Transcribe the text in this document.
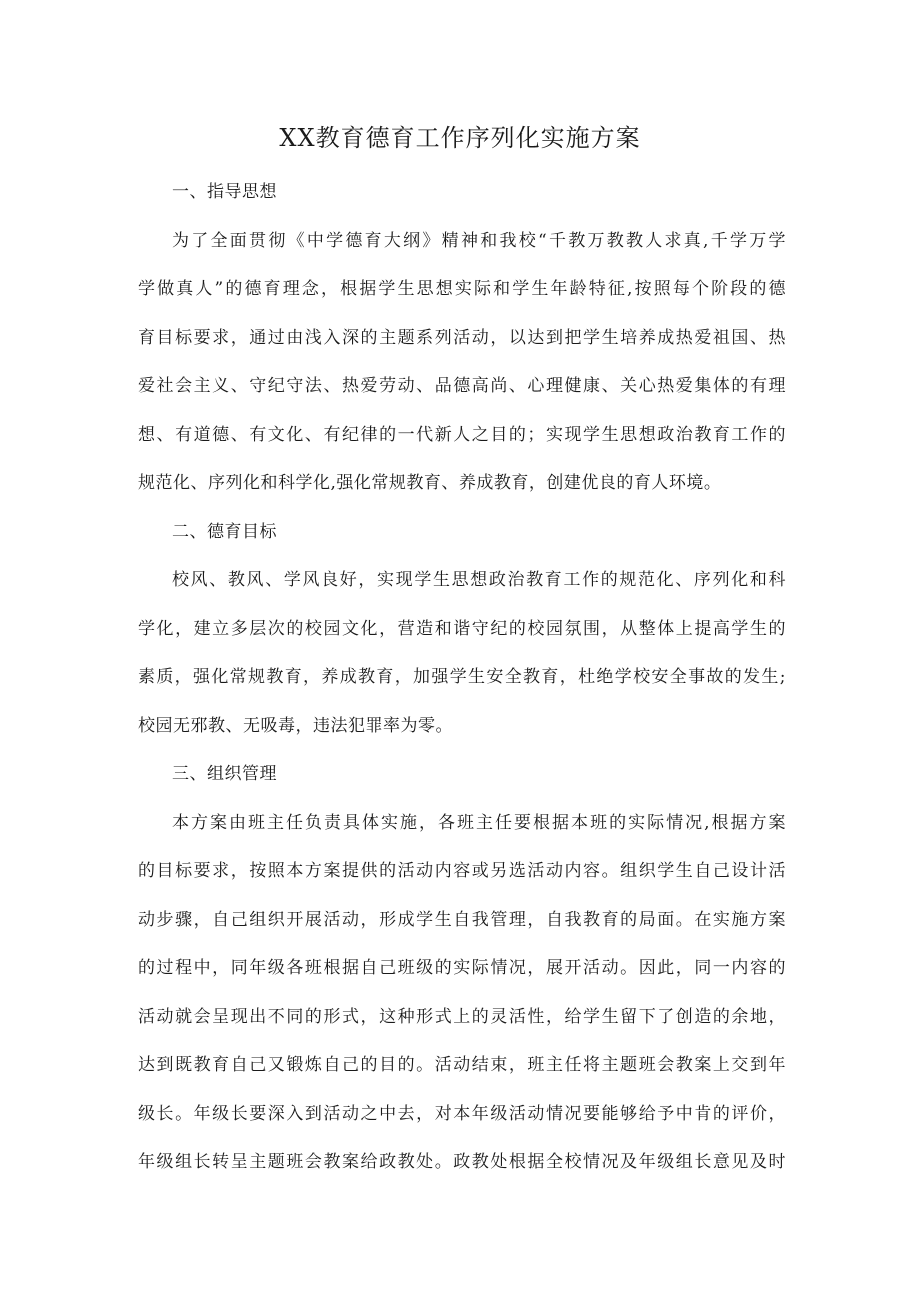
XX教育德育工作序列化实施方案

一、指导思想

为了全面贯彻《中学德育大纲》精神和我校“千教万教教人求真,千学万学
学做真人”的德育理念，根据学生思想实际和学生年龄特征,按照每个阶段的德
育目标要求，通过由浅入深的主题系列活动，以达到把学生培养成热爱祖国、热
爱社会主义、守纪守法、热爱劳动、品德高尚、心理健康、关心热爱集体的有理
想、有道德、有文化、有纪律的一代新人之目的；实现学生思想政治教育工作的
规范化、序列化和科学化,强化常规教育、养成教育，创建优良的育人环境。

二、德育目标

校风、教风、学风良好，实现学生思想政治教育工作的规范化、序列化和科
学化，建立多层次的校园文化，营造和谐守纪的校园氛围，从整体上提高学生的
素质，强化常规教育，养成教育，加强学生安全教育，杜绝学校安全事故的发生;
校园无邪教、无吸毒，违法犯罪率为零。

三、组织管理

本方案由班主任负责具体实施，各班主任要根据本班的实际情况,根据方案
的目标要求，按照本方案提供的活动内容或另选活动内容。组织学生自己设计活
动步骤，自己组织开展活动，形成学生自我管理，自我教育的局面。在实施方案
的过程中，同年级各班根据自己班级的实际情况，展开活动。因此，同一内容的
活动就会呈现出不同的形式，这种形式上的灵活性，给学生留下了创造的余地，
达到既教育自己又锻炼自己的目的。活动结束，班主任将主题班会教案上交到年
级长。年级长要深入到活动之中去，对本年级活动情况要能够给予中肯的评价，
年级组长转呈主题班会教案给政教处。政教处根据全校情况及年级组长意见及时
